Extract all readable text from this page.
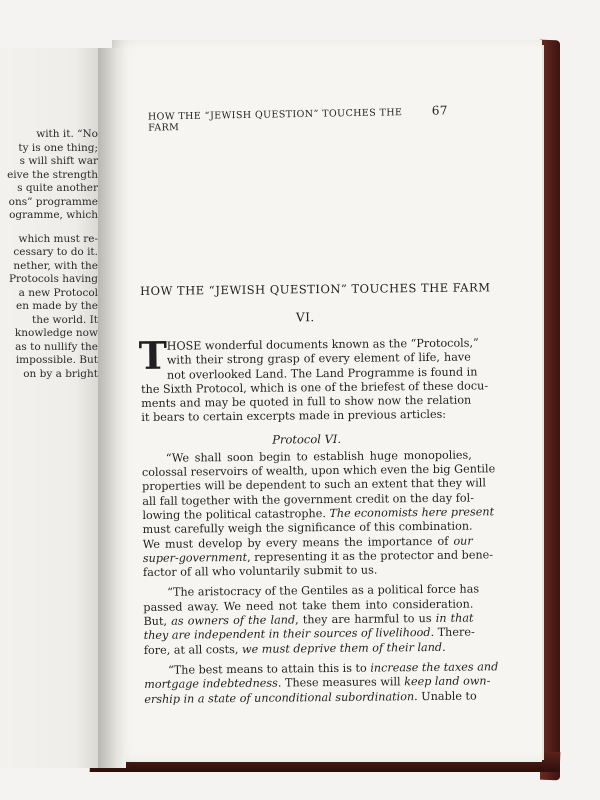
with it. “No
ty is one thing;
s will shift war
eive the strength
s quite another
ons” programme
ogramme, which
which must re-
cessary to do it.
nether, with the
Protocols having
a new Protocol
en made by the
the world. It
knowledge now
as to nullify the
impossible. But
on by a bright
HOW THE “JEWISH QUESTION” TOUCHES THE FARM
67
HOW THE “JEWISH QUESTION” TOUCHES THE FARM
VI.
T HOSE wonderful documents known as the “Protocols,”
with their strong grasp of every element of life, have
not overlooked Land. The Land Programme is found in
the Sixth Protocol, which is one of the briefest of these docu-
ments and may be quoted in full to show now the relation
it bears to certain excerpts made in previous articles:
Protocol VI.
“We shall soon begin to establish huge monopolies,
colossal reservoirs of wealth, upon which even the big Gentile
properties will be dependent to such an extent that they will
all fall together with the government credit on the day fol-
lowing the political catastrophe. The economists here present
must carefully weigh the significance of this combination.
We must develop by every means the importance of our
super-government, representing it as the protector and bene-
factor of all who voluntarily submit to us.
“The aristocracy of the Gentiles as a political force has
passed away. We need not take them into consideration.
But, as owners of the land, they are harmful to us in that
they are independent in their sources of livelihood. There-
fore, at all costs, we must deprive them of their land.
“The best means to attain this is to increase the taxes and
mortgage indebtedness. These measures will keep land own-
ership in a state of unconditional subordination. Unable to
